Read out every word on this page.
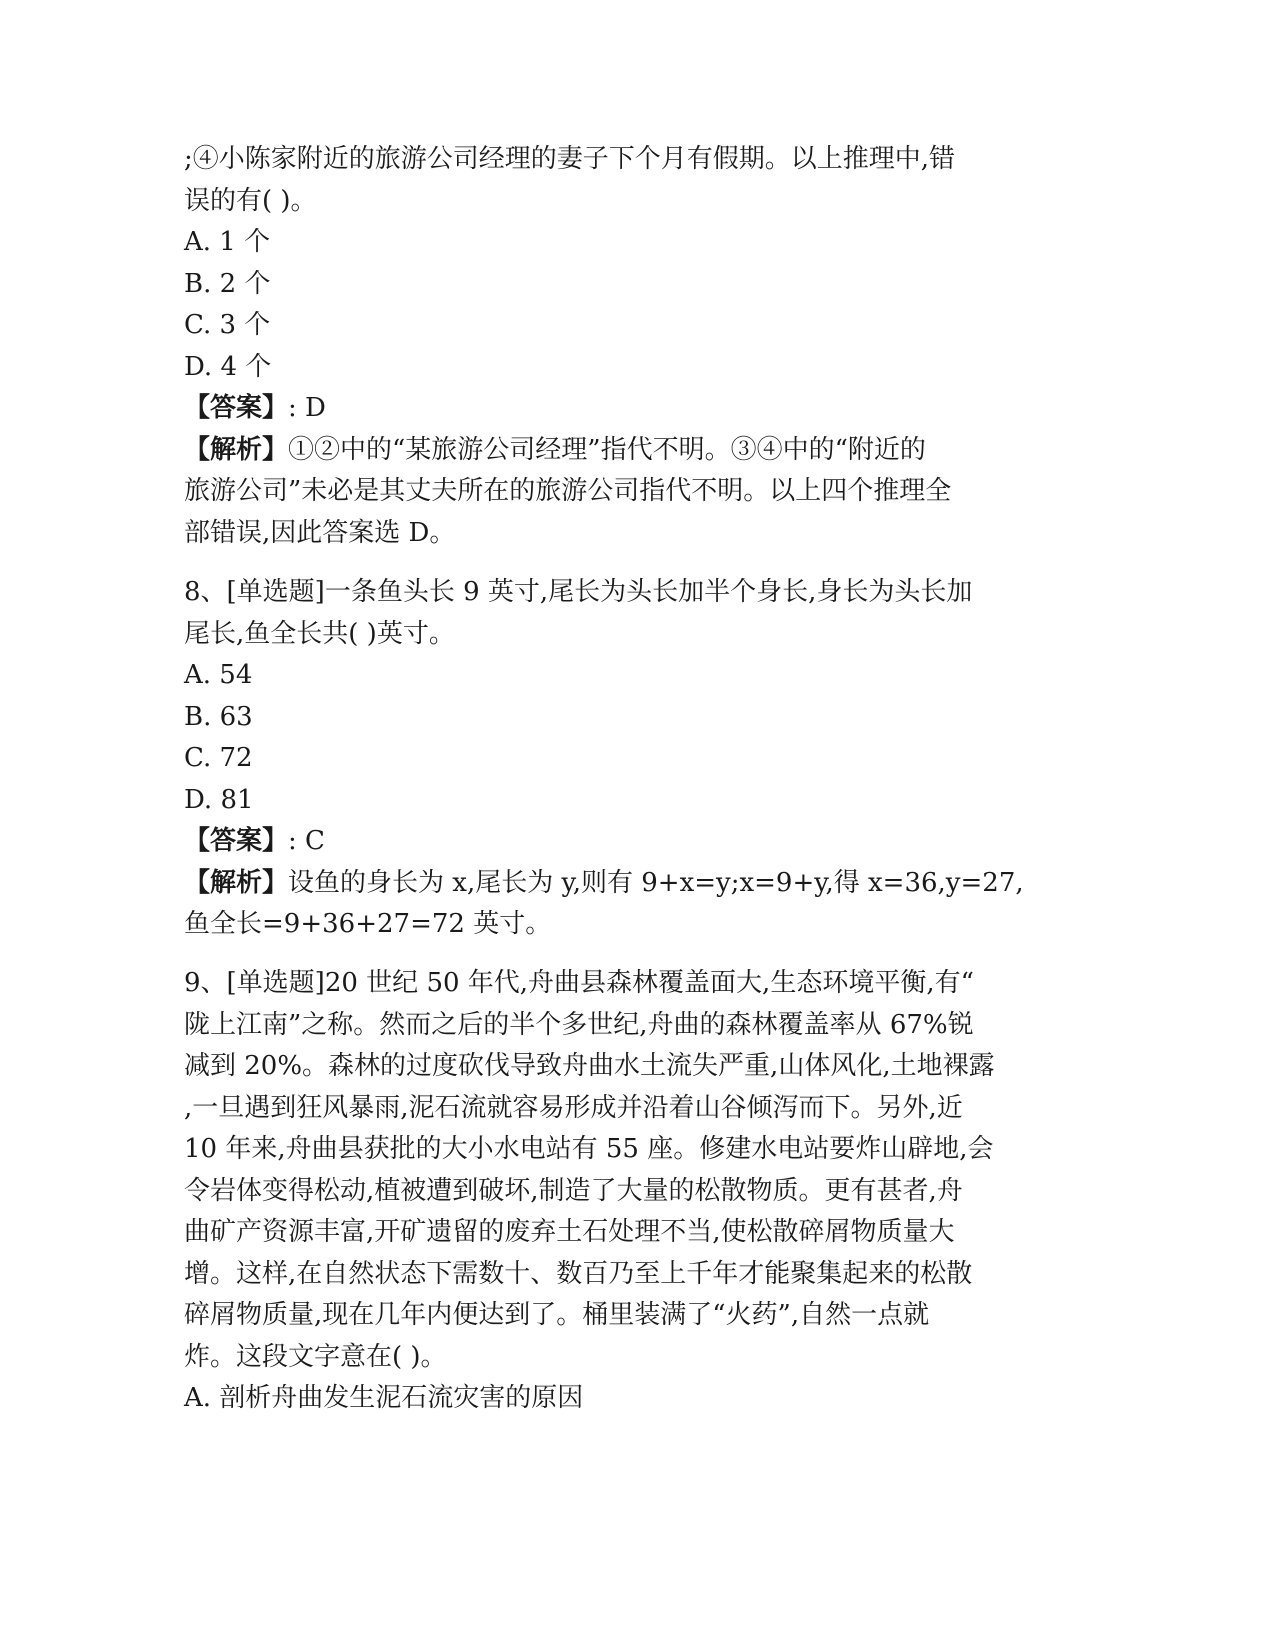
;④小陈家附近的旅游公司经理的妻子下个月有假期。以上推理中,错
误的有( )。
A. 1 个
B. 2 个
C. 3 个
D. 4 个
【答案】: D
【解析】①②中的“某旅游公司经理”指代不明。③④中的“附近的
旅游公司”未必是其丈夫所在的旅游公司指代不明。以上四个推理全
部错误,因此答案选 D。
8、[单选题]一条鱼头长 9 英寸,尾长为头长加半个身长,身长为头长加
尾长,鱼全长共( )英寸。
A. 54
B. 63
C. 72
D. 81
【答案】: C
【解析】设鱼的身长为 x,尾长为 y,则有 9+x=y;x=9+y,得 x=36,y=27,
鱼全长=9+36+27=72 英寸。
9、[单选题]20 世纪 50 年代,舟曲县森林覆盖面大,生态环境平衡,有“
陇上江南”之称。然而之后的半个多世纪,舟曲的森林覆盖率从 67%锐
减到 20%。森林的过度砍伐导致舟曲水土流失严重,山体风化,土地裸露
,一旦遇到狂风暴雨,泥石流就容易形成并沿着山谷倾泻而下。另外,近
10 年来,舟曲县获批的大小水电站有 55 座。修建水电站要炸山辟地,会
令岩体变得松动,植被遭到破坏,制造了大量的松散物质。更有甚者,舟
曲矿产资源丰富,开矿遗留的废弃土石处理不当,使松散碎屑物质量大
增。这样,在自然状态下需数十、数百乃至上千年才能聚集起来的松散
碎屑物质量,现在几年内便达到了。桶里装满了“火药”,自然一点就
炸。这段文字意在( )。
A. 剖析舟曲发生泥石流灾害的原因
